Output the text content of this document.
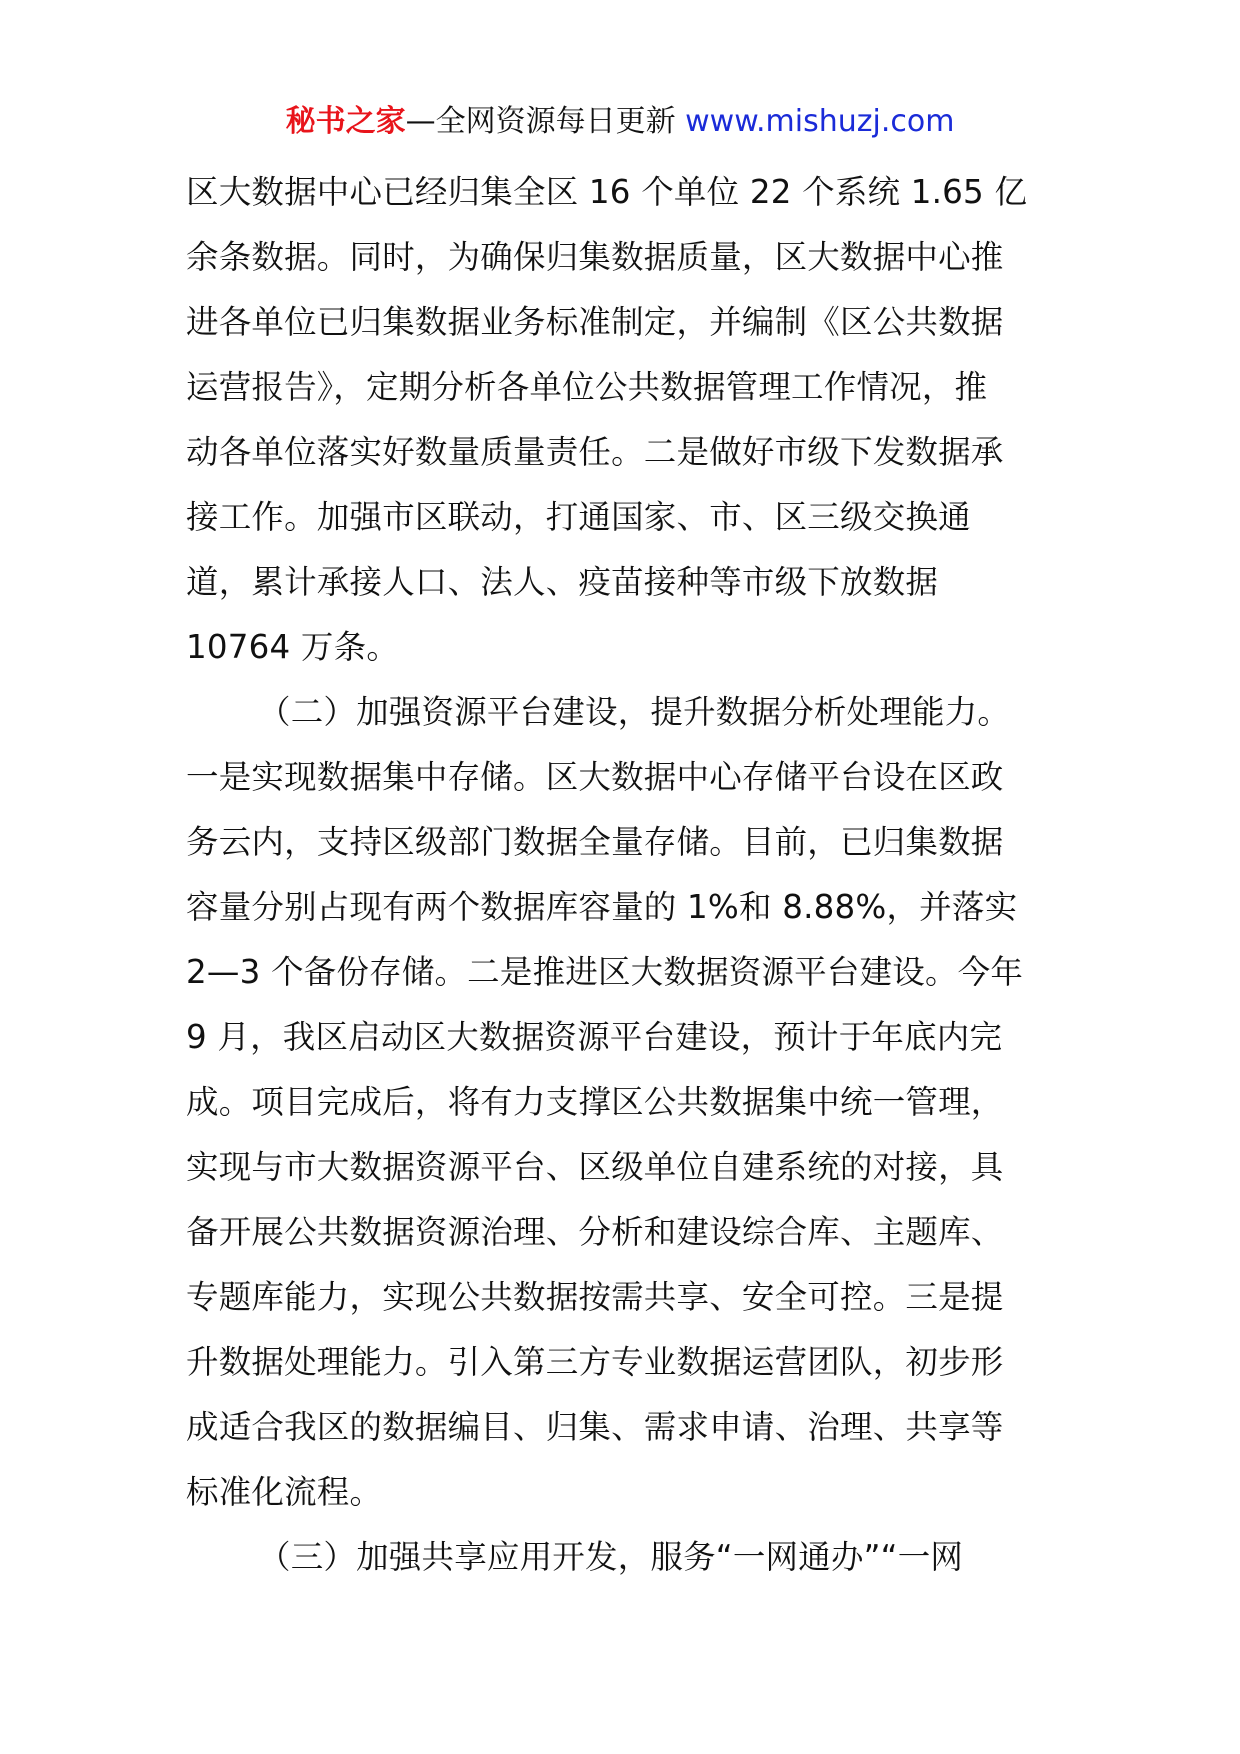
秘书之家—全网资源每日更新 www.mishuzj.com
区大数据中心已经归集全区 16 个单位 22 个系统 1.65 亿
余条数据。同时，为确保归集数据质量，区大数据中心推
进各单位已归集数据业务标准制定，并编制《区公共数据
运营报告》，定期分析各单位公共数据管理工作情况，推
动各单位落实好数量质量责任。二是做好市级下发数据承
接工作。加强市区联动，打通国家、市、区三级交换通
道，累计承接人口、法人、疫苗接种等市级下放数据
10764 万条。
（二）加强资源平台建设，提升数据分析处理能力。
一是实现数据集中存储。区大数据中心存储平台设在区政
务云内，支持区级部门数据全量存储。目前，已归集数据
容量分别占现有两个数据库容量的 1%和 8.88%，并落实
2—3 个备份存储。二是推进区大数据资源平台建设。今年
9 月，我区启动区大数据资源平台建设，预计于年底内完
成。项目完成后，将有力支撑区公共数据集中统一管理，
实现与市大数据资源平台、区级单位自建系统的对接，具
备开展公共数据资源治理、分析和建设综合库、主题库、
专题库能力，实现公共数据按需共享、安全可控。三是提
升数据处理能力。引入第三方专业数据运营团队，初步形
成适合我区的数据编目、归集、需求申请、治理、共享等
标准化流程。
（三）加强共享应用开发，服务“一网通办”“一网
